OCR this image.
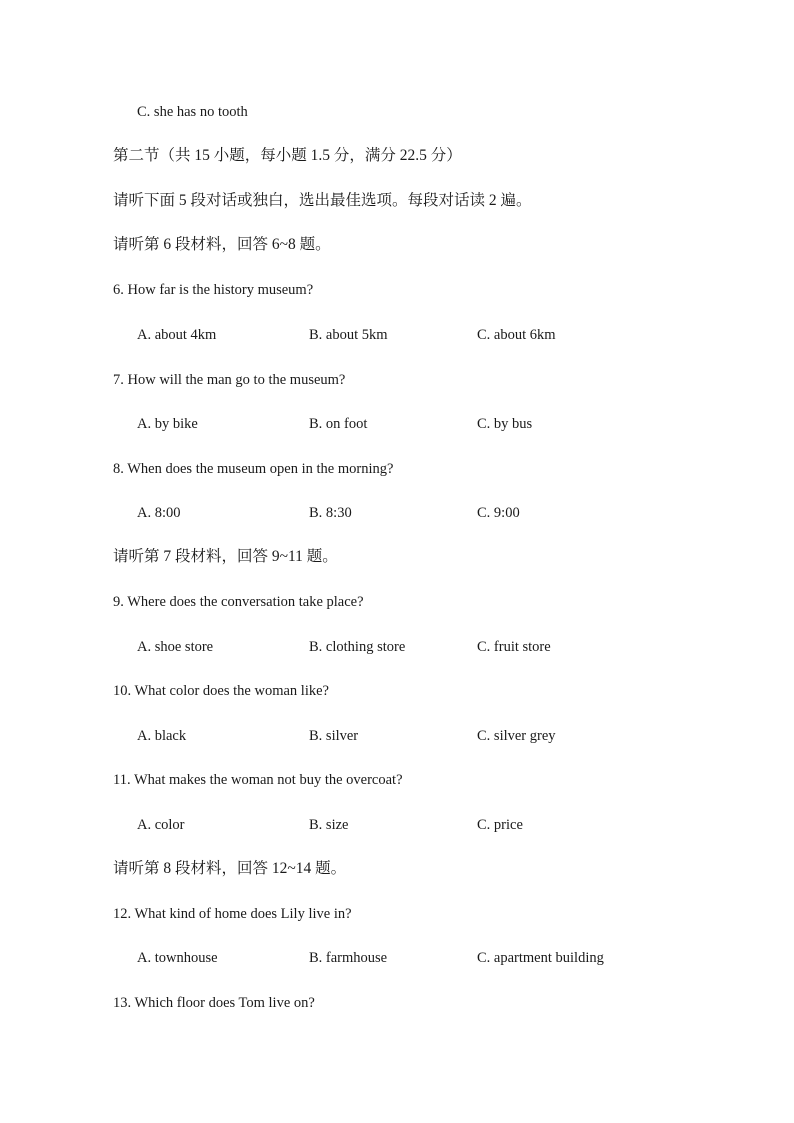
C. she has no tooth
第二节（共 15 小题，每小题 1.5 分，满分 22.5 分）
请听下面 5 段对话或独白，选出最佳选项。每段对话读 2 遍。
请听第 6 段材料，回答 6~8 题。
6. How far is the history museum?
A. about 4km	B. about 5km	C. about 6km
7. How will the man go to the museum?
A. by bike	B. on foot	C. by bus
8. When does the museum open in the morning?
A. 8:00	B. 8:30	C. 9:00
请听第 7 段材料，回答 9~11 题。
9. Where does the conversation take place?
A. shoe store	B. clothing store	C. fruit store
10. What color does the woman like?
A. black	B. silver	C. silver grey
11. What makes the woman not buy the overcoat?
A. color	B. size	C. price
请听第 8 段材料，回答 12~14 题。
12. What kind of home does Lily live in?
A. townhouse	B. farmhouse	C. apartment building
13. Which floor does Tom live on?
